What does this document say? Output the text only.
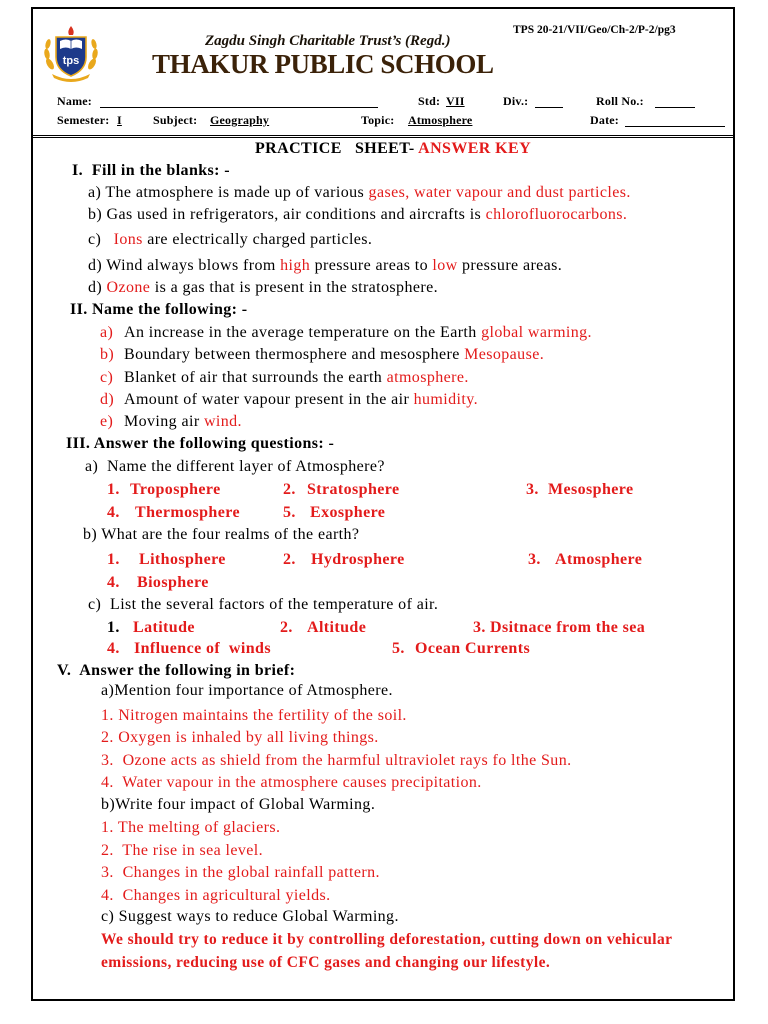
tps
TPS 20-21/VII/Geo/Ch-2/P-2/pg3
Zagdu Singh Charitable Trust’s (Regd.)
THAKUR PUBLIC SCHOOL
Name:	Std: VII	Div.:	Roll No.:
Semester: I	Subject: Geography	Topic: Atmosphere	Date:
PRACTICE   SHEET- ANSWER KEY
I.  Fill in the blanks: -
a) The atmosphere is made up of various gases, water vapour and dust particles.
b) Gas used in refrigerators, air conditions and aircrafts is chlorofluorocarbons.
c) Ions are electrically charged particles.
d) Wind always blows from high pressure areas to low pressure areas.
d) Ozone is a gas that is present in the stratosphere.
II. Name the following: -
a) An increase in the average temperature on the Earth global warming.
b) Boundary between thermosphere and mesosphere Mesopause.
c) Blanket of air that surrounds the earth atmosphere.
d) Amount of water vapour present in the air humidity.
e) Moving air wind.
III. Answer the following questions: -
a)  Name the different layer of Atmosphere?
1. Troposphere	2. Stratosphere	3. Mesosphere
4. Thermosphere	5. Exosphere
b) What are the four realms of the earth?
1. Lithosphere	2. Hydrosphere	3. Atmosphere
4. Biosphere
c)  List the several factors of the temperature of air.
1. Latitude	2. Altitude	3. Dsitnace from the sea
4. Influence of  winds	5. Ocean Currents
V.  Answer the following in brief:
a)Mention four importance of Atmosphere.
1. Nitrogen maintains the fertility of the soil.
2. Oxygen is inhaled by all living things.
3.  Ozone acts as shield from the harmful ultraviolet rays fo lthe Sun.
4.  Water vapour in the atmosphere causes precipitation.
b)Write four impact of Global Warming.
1. The melting of glaciers.
2.  The rise in sea level.
3.  Changes in the global rainfall pattern.
4.  Changes in agricultural yields.
c) Suggest ways to reduce Global Warming.
We should try to reduce it by controlling deforestation, cutting down on vehicular
emissions, reducing use of CFC gases and changing our lifestyle.
